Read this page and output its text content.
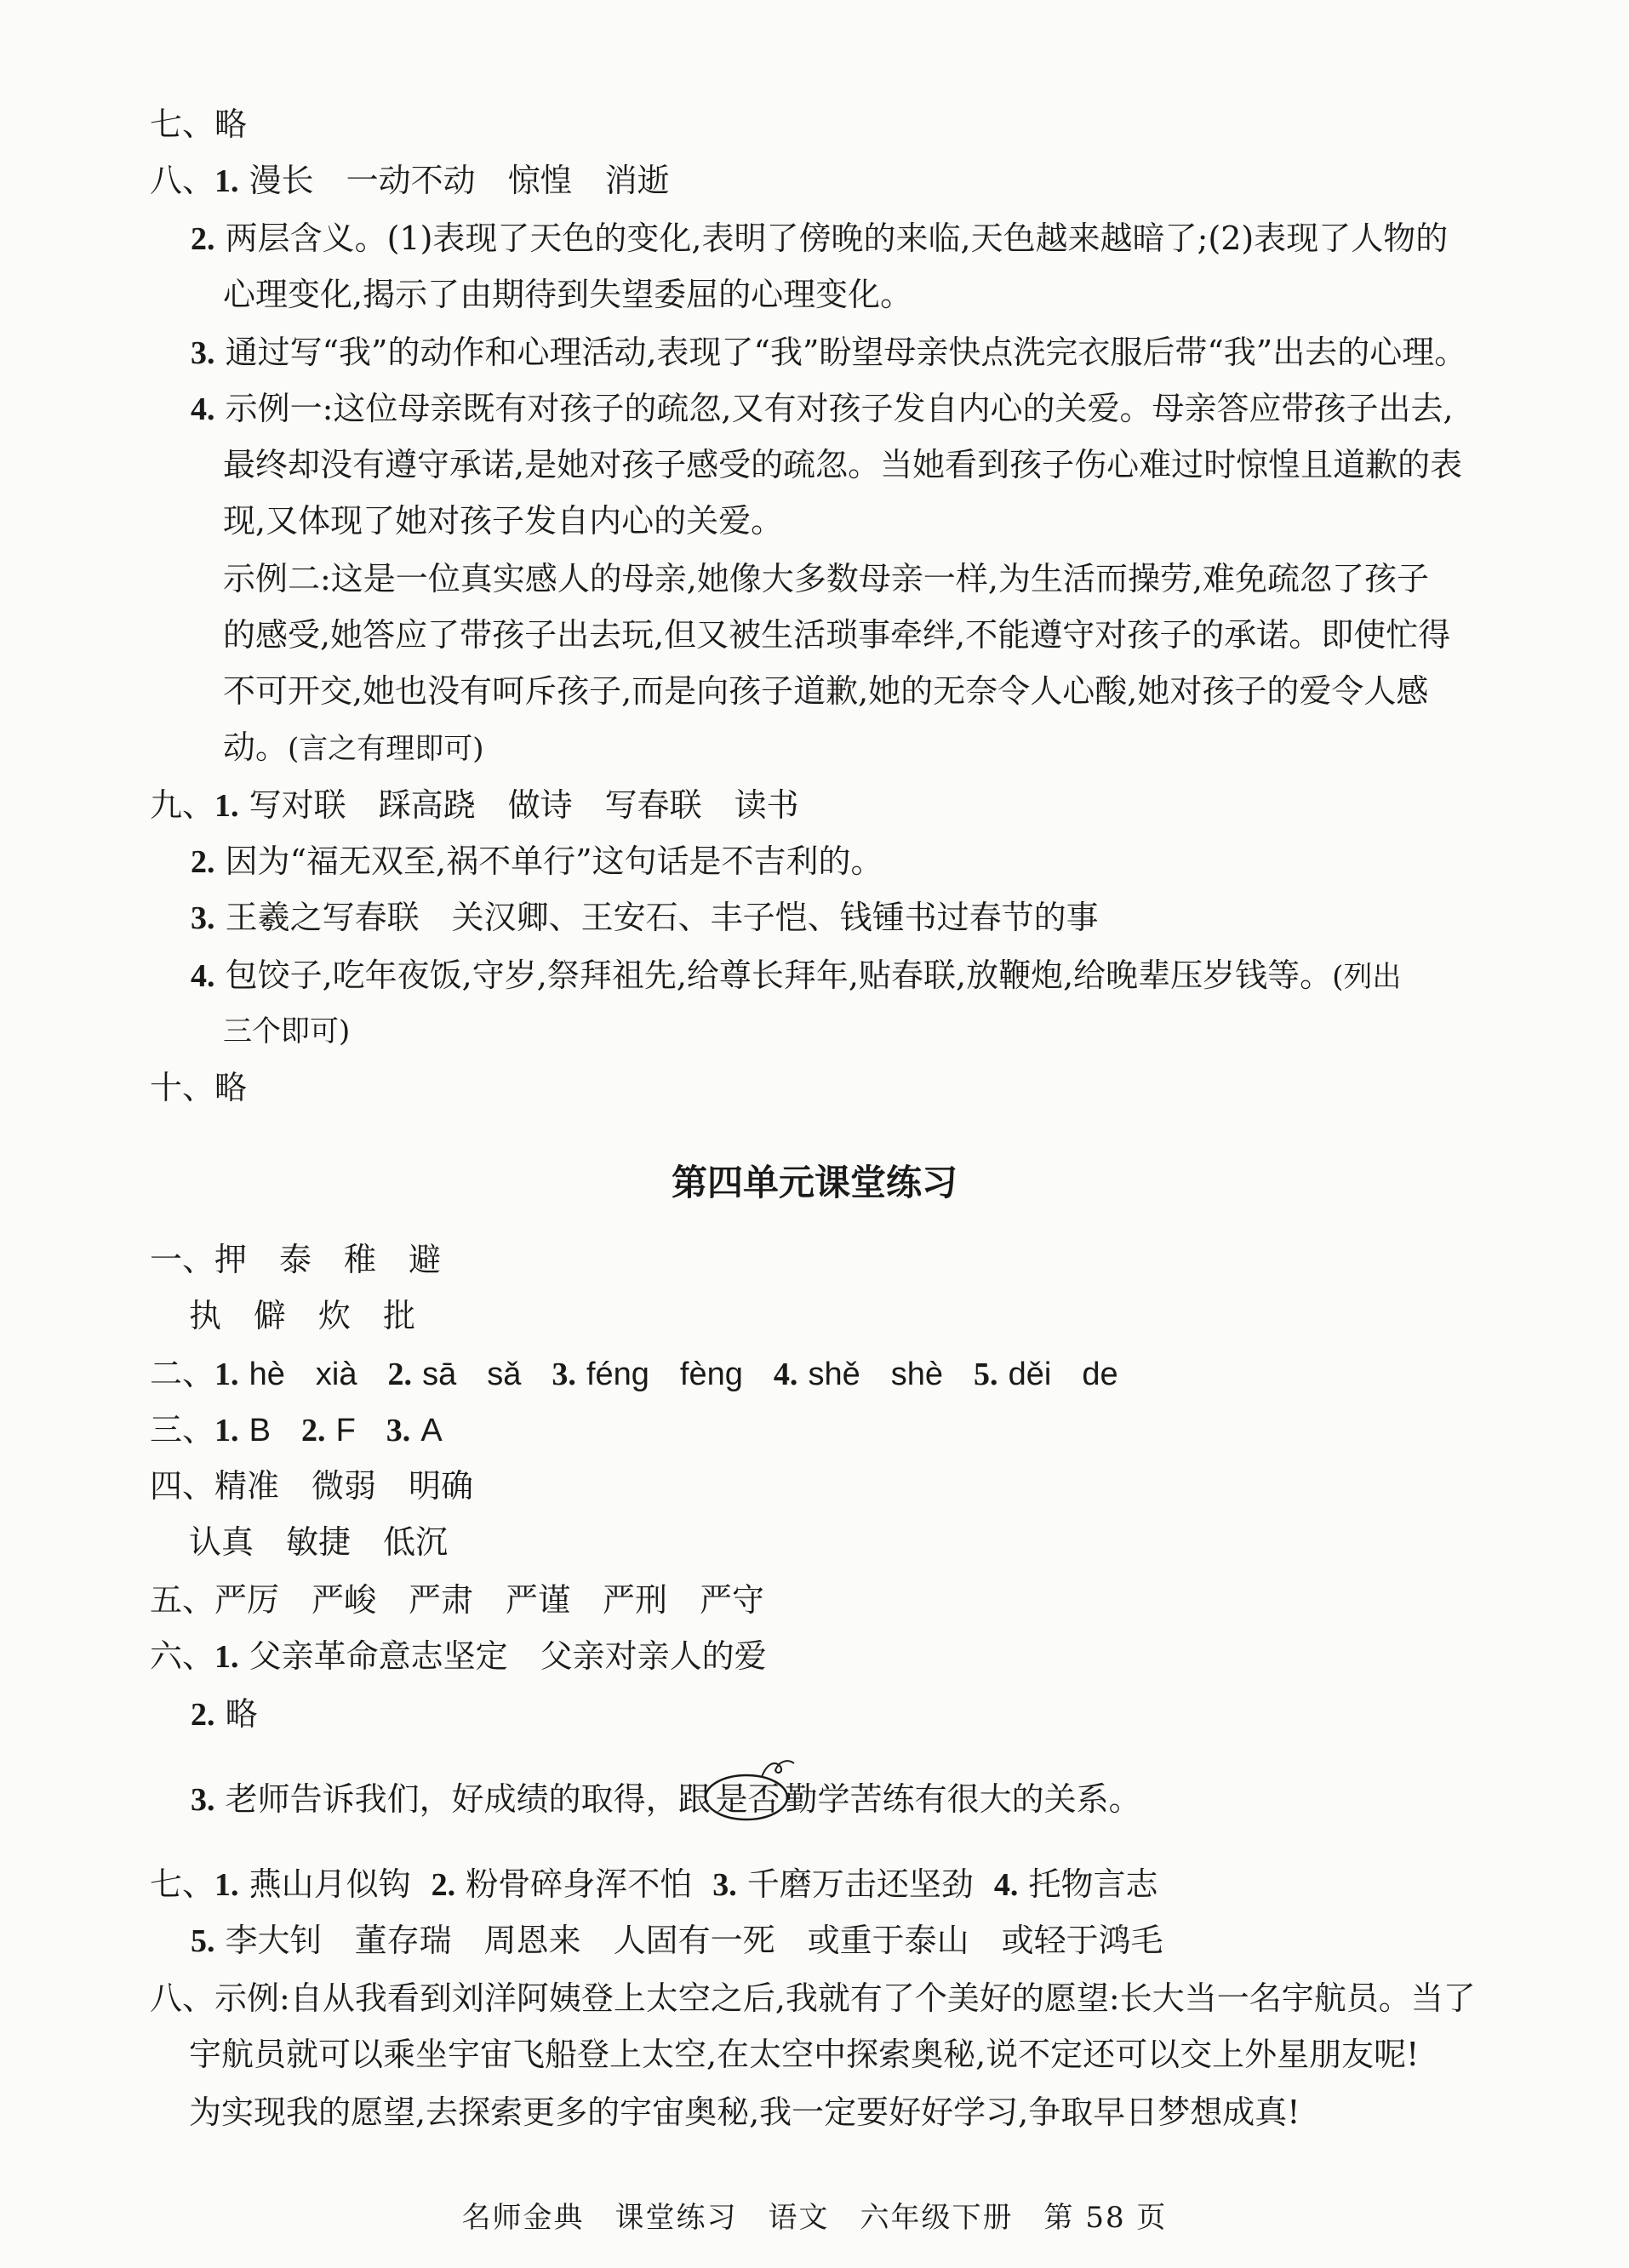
七、略
八、1. 漫长　一动不动　惊惶　消逝
2. 两层含义。(1)表现了天色的变化,表明了傍晚的来临,天色越来越暗了;(2)表现了人物的
心理变化,揭示了由期待到失望委屈的心理变化。
3. 通过写“我”的动作和心理活动,表现了“我”盼望母亲快点洗完衣服后带“我”出去的心理。
4. 示例一:这位母亲既有对孩子的疏忽,又有对孩子发自内心的关爱。母亲答应带孩子出去,
最终却没有遵守承诺,是她对孩子感受的疏忽。当她看到孩子伤心难过时惊惶且道歉的表
现,又体现了她对孩子发自内心的关爱。
示例二:这是一位真实感人的母亲,她像大多数母亲一样,为生活而操劳,难免疏忽了孩子
的感受,她答应了带孩子出去玩,但又被生活琐事牵绊,不能遵守对孩子的承诺。即使忙得
不可开交,她也没有呵斥孩子,而是向孩子道歉,她的无奈令人心酸,她对孩子的爱令人感
动。(言之有理即可)
九、1. 写对联　踩高跷　做诗　写春联　读书
2. 因为“福无双至,祸不单行”这句话是不吉利的。
3. 王羲之写春联　关汉卿、王安石、丰子恺、钱锺书过春节的事
4. 包饺子,吃年夜饭,守岁,祭拜祖先,给尊长拜年,贴春联,放鞭炮,给晚辈压岁钱等。(列出
三个即可)
十、略
第四单元课堂练习
一、押　泰　稚　避
执　僻　炊　批
二、1. hè xià 2. sā sǎ 3. féng fèng 4. shě shè 5. děi de
三、1. B 2. F 3. A
四、精准　微弱　明确
认真　敏捷　低沉
五、严厉　严峻　严肃　严谨　严刑　严守
六、1. 父亲革命意志坚定　父亲对亲人的爱
2. 略
3. 老师告诉我们，好成绩的取得，跟 是否 勤学苦练有很大的关系。
七、1. 燕山月似钩 2. 粉骨碎身浑不怕 3. 千磨万击还坚劲 4. 托物言志
5. 李大钊　董存瑞　周恩来　人固有一死　或重于泰山　或轻于鸿毛
八、示例:自从我看到刘洋阿姨登上太空之后,我就有了个美好的愿望:长大当一名宇航员。当了
宇航员就可以乘坐宇宙飞船登上太空,在太空中探索奥秘,说不定还可以交上外星朋友呢!
为实现我的愿望,去探索更多的宇宙奥秘,我一定要好好学习,争取早日梦想成真!
名师金典　课堂练习　语文　六年级下册　第 58 页
